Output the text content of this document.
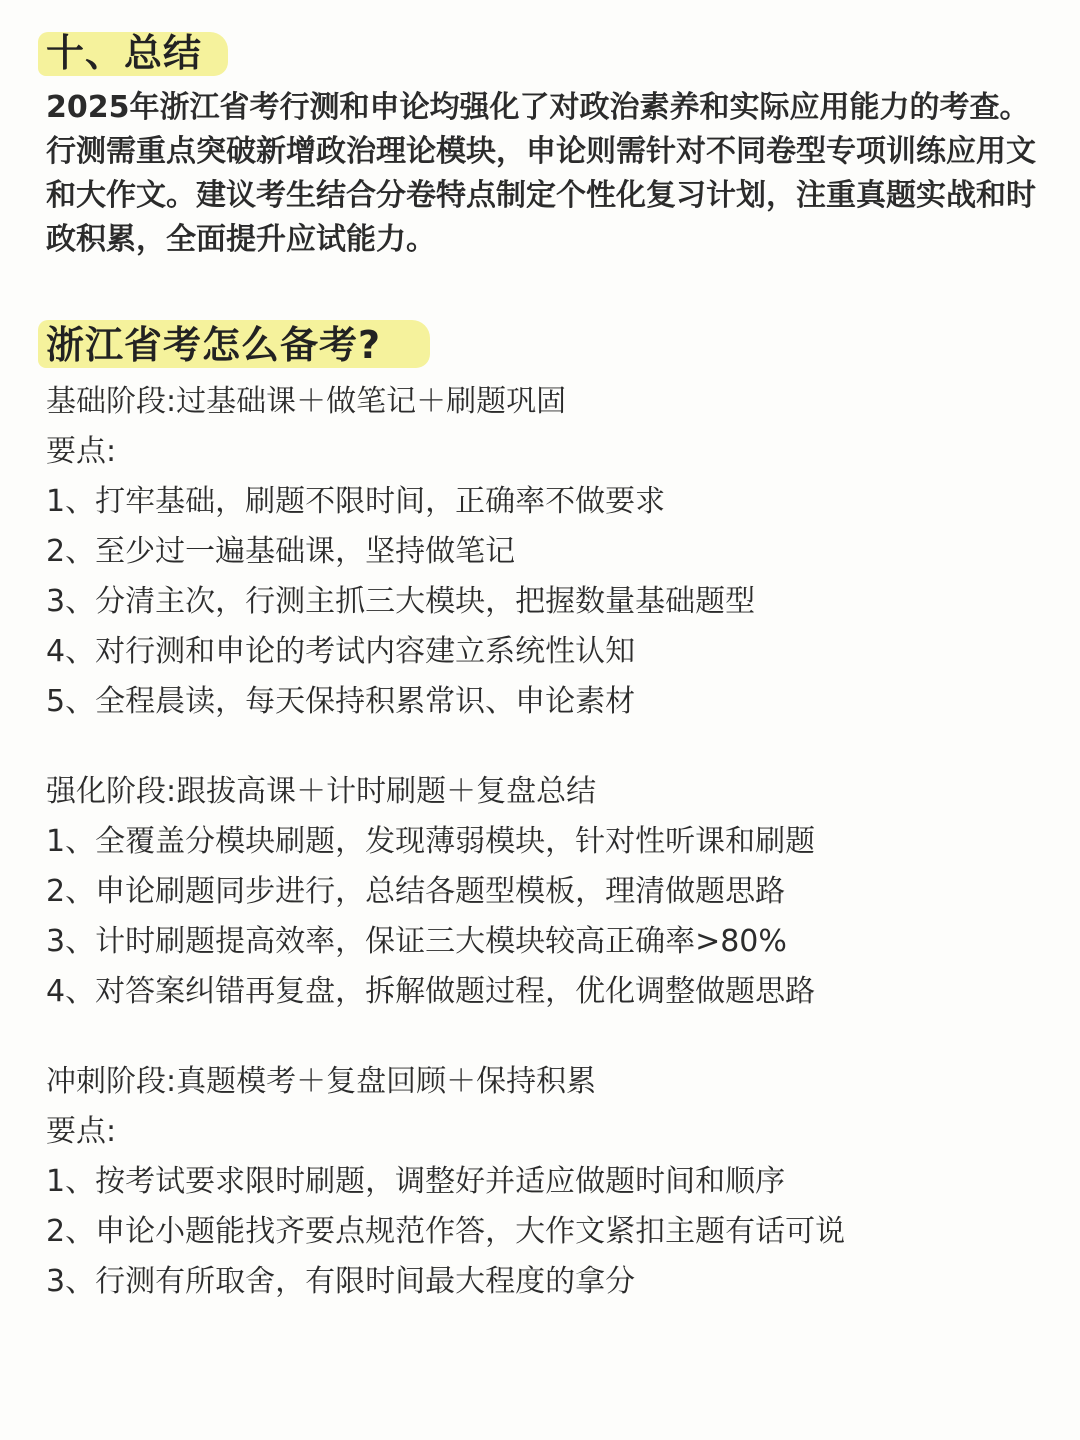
十、总结

2025年浙江省考行测和申论均强化了对政治素养和实际应用能力的考查。行测需重点突破新增政治理论模块，申论则需针对不同卷型专项训练应用文和大作文。建议考生结合分卷特点制定个性化复习计划，注重真题实战和时政积累，全面提升应试能力。

浙江省考怎么备考?

基础阶段:过基础课＋做笔记＋刷题巩固

要点:

1、打牢基础，刷题不限时间，正确率不做要求

2、至少过一遍基础课，坚持做笔记

3、分清主次，行测主抓三大模块，把握数量基础题型

4、对行测和申论的考试内容建立系统性认知

5、全程晨读，每天保持积累常识、申论素材

强化阶段:跟拔高课＋计时刷题＋复盘总结

1、全覆盖分模块刷题，发现薄弱模块，针对性听课和刷题

2、申论刷题同步进行，总结各题型模板，理清做题思路

3、计时刷题提高效率，保证三大模块较高正确率>80%

4、对答案纠错再复盘，拆解做题过程，优化调整做题思路

冲刺阶段:真题模考＋复盘回顾＋保持积累

要点:

1、按考试要求限时刷题，调整好并适应做题时间和顺序

2、申论小题能找齐要点规范作答，大作文紧扣主题有话可说

3、行测有所取舍，有限时间最大程度的拿分
